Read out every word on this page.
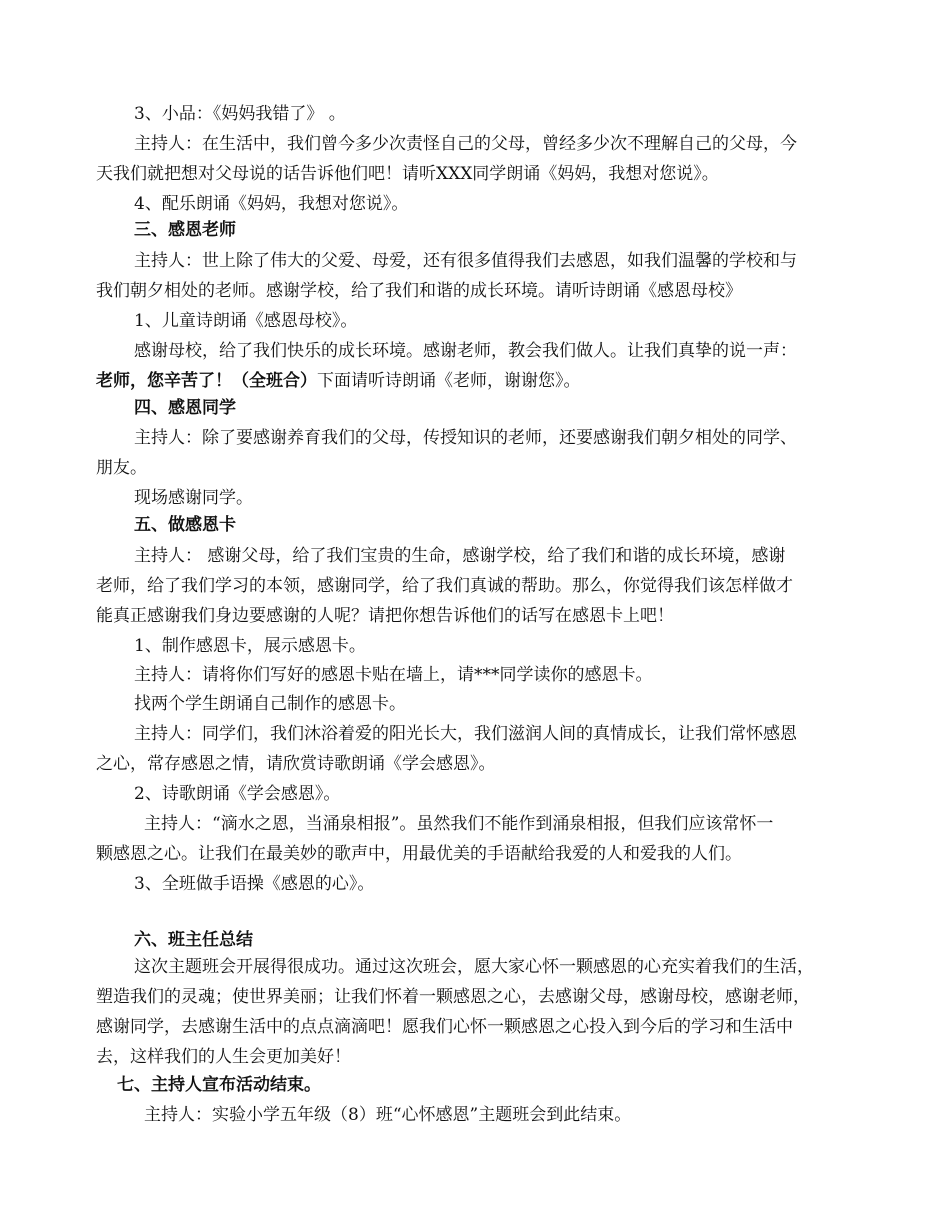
3、小品：《妈妈我错了》 。
主持人：在生活中，我们曾今多少次责怪自己的父母，曾经多少次不理解自己的父母，今
天我们就把想对父母说的话告诉他们吧！请听XXX同学朗诵《妈妈，我想对您说》。
4、配乐朗诵《妈妈，我想对您说》。
三、感恩老师
主持人：世上除了伟大的父爱、母爱，还有很多值得我们去感恩，如我们温馨的学校和与
我们朝夕相处的老师。感谢学校，给了我们和谐的成长环境。请听诗朗诵《感恩母校》
1、儿童诗朗诵《感恩母校》。
感谢母校，给了我们快乐的成长环境。感谢老师，教会我们做人。让我们真挚的说一声：
老师，您辛苦了！（全班合）下面请听诗朗诵《老师，谢谢您》。
四、感恩同学
主持人：除了要感谢养育我们的父母，传授知识的老师，还要感谢我们朝夕相处的同学、
朋友。
现场感谢同学。
五、做感恩卡
主持人： 感谢父母，给了我们宝贵的生命，感谢学校，给了我们和谐的成长环境，感谢
老师，给了我们学习的本领，感谢同学，给了我们真诚的帮助。那么，你觉得我们该怎样做才
能真正感谢我们身边要感谢的人呢？请把你想告诉他们的话写在感恩卡上吧！
1、制作感恩卡，展示感恩卡。
主持人：请将你们写好的感恩卡贴在墙上，请***同学读你的感恩卡。
找两个学生朗诵自己制作的感恩卡。
主持人：同学们，我们沐浴着爱的阳光长大，我们滋润人间的真情成长，让我们常怀感恩
之心，常存感恩之情，请欣赏诗歌朗诵《学会感恩》。
2、诗歌朗诵《学会感恩》。
主持人：“滴水之恩，当涌泉相报”。虽然我们不能作到涌泉相报，但我们应该常怀一
颗感恩之心。让我们在最美妙的歌声中，用最优美的手语献给我爱的人和爱我的人们。
3、全班做手语操《感恩的心》。
六、班主任总结
这次主题班会开展得很成功。通过这次班会，愿大家心怀一颗感恩的心充实着我们的生活，
塑造我们的灵魂；使世界美丽；让我们怀着一颗感恩之心，去感谢父母，感谢母校，感谢老师，
感谢同学，去感谢生活中的点点滴滴吧！愿我们心怀一颗感恩之心投入到今后的学习和生活中
去，这样我们的人生会更加美好！
七、主持人宣布活动结束。
主持人：实验小学五年级（8）班“心怀感恩”主题班会到此结束。
